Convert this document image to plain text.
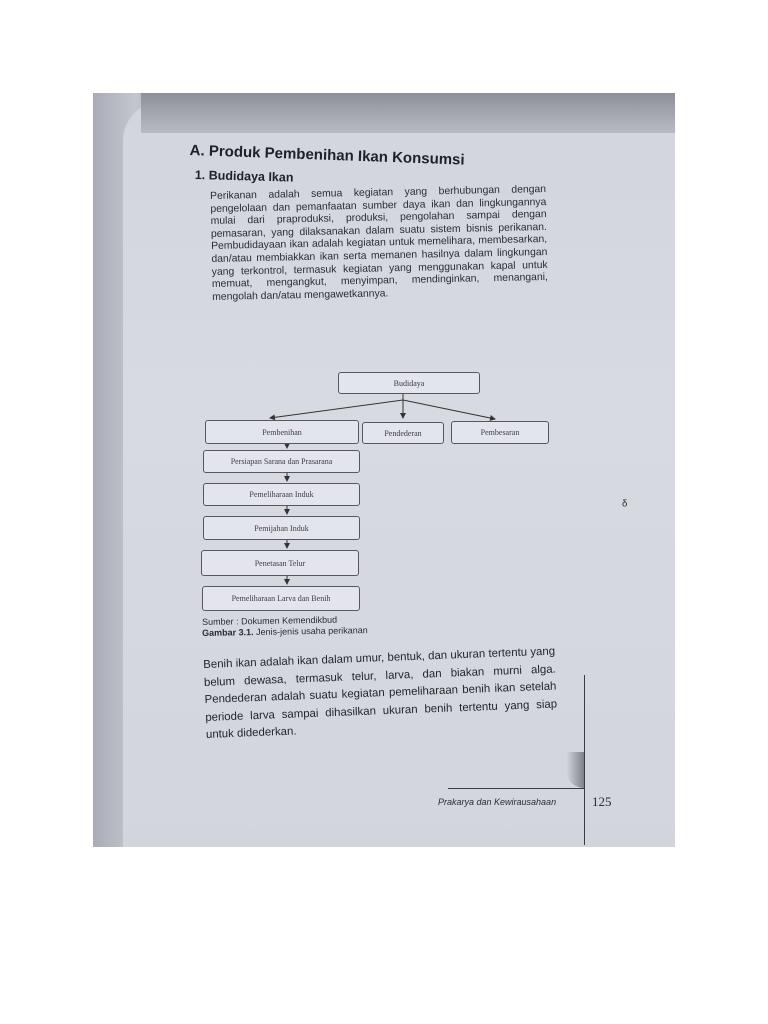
A. Produk Pembenihan Ikan Konsumsi
1. Budidaya Ikan

Perikanan adalah semua kegiatan yang berhubungan dengan pengelolaan dan pemanfaatan sumber daya ikan dan lingkungannya mulai dari praproduksi, produksi, pengolahan sampai dengan pemasaran, yang dilaksanakan dalam suatu sistem bisnis perikanan. Pembudidayaan ikan adalah kegiatan untuk memelihara, membesarkan, dan/atau membiakkan ikan serta memanen hasilnya dalam lingkungan yang terkontrol, termasuk kegiatan yang menggunakan kapal untuk memuat, mengangkut, menyimpan, mendinginkan, menangani, mengolah dan/atau mengawetkannya.

Budidaya
Pembenihan	Pendederan	Pembesaran
Persiapan Sarana dan Prasarana
Pemeliharaan Induk
Pemijahan Induk
Penetasan Telur
Pemeliharaan Larva dan Benih

Sumber : Dokumen Kemendikbud

Gambar 3.1. Jenis-jenis usaha perikanan

Benih ikan adalah ikan dalam umur, bentuk, dan ukuran tertentu yang belum dewasa, termasuk telur, larva, dan biakan murni alga. Pendederan adalah suatu kegiatan pemeliharaan benih ikan setelah periode larva sampai dihasilkan ukuran benih tertentu yang siap untuk didederkan.

Prakarya dan Kewirausahaan	125
ᵟ
